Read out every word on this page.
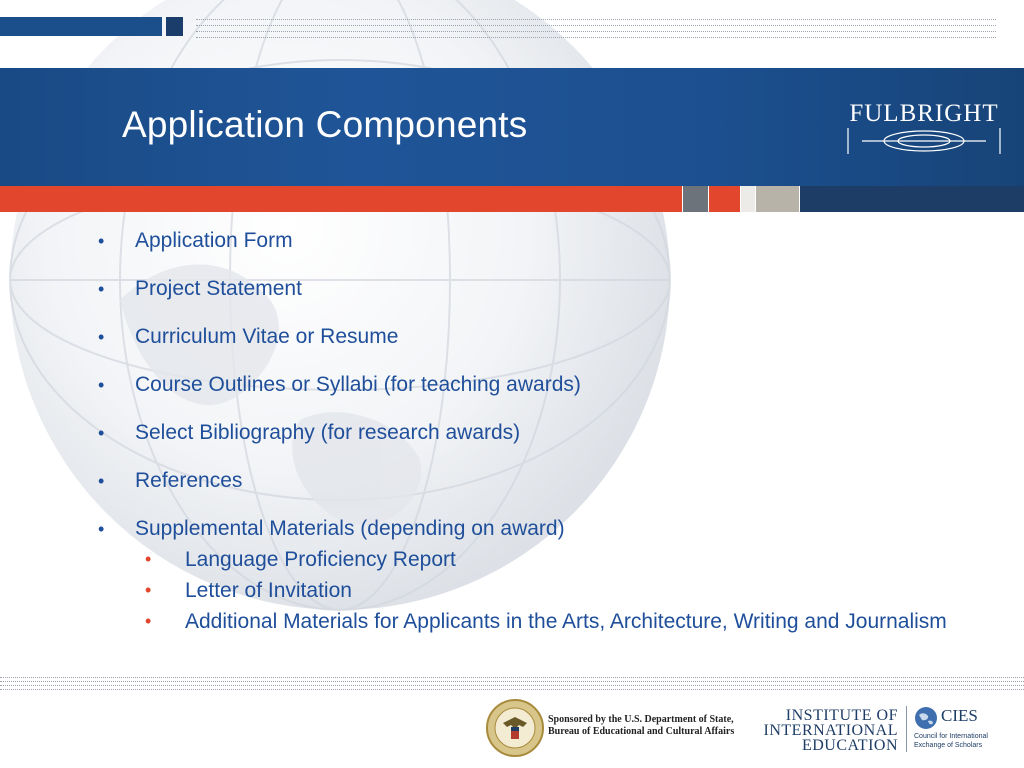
Application Components	FULBRIGHT
• Application Form
• Project Statement
• Curriculum Vitae or Resume
• Course Outlines or Syllabi (for teaching awards)
• Select Bibliography (for research awards)
• References
• Supplemental Materials (depending on award)
• Language Proficiency Report
• Letter of Invitation
• Additional Materials for Applicants in the Arts, Architecture, Writing and Journalism
Sponsored by the U.S. Department of State,
Bureau of Educational and Cultural Affairs
INSTITUTE OF
INTERNATIONAL
EDUCATION
CIES
Council for International
Exchange of Scholars
